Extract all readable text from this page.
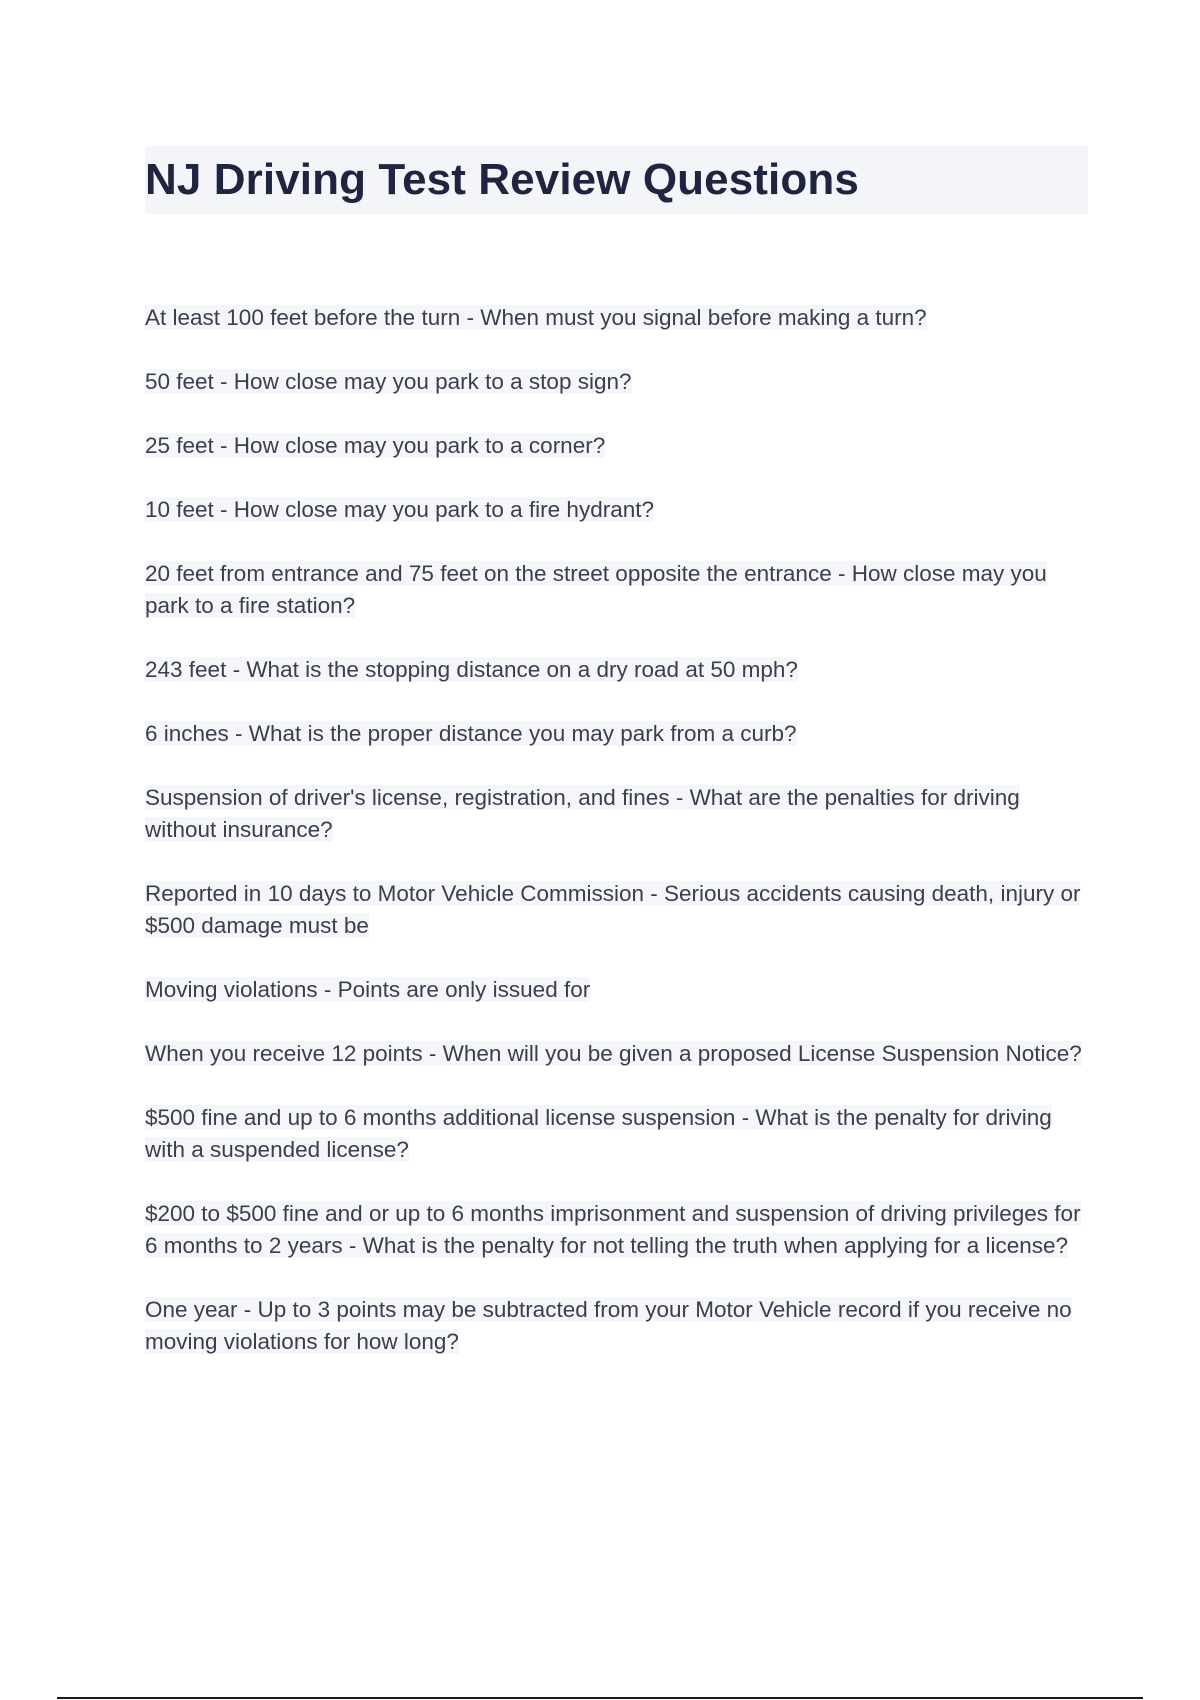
NJ Driving Test Review Questions
At least 100 feet before the turn - When must you signal before making a turn?
50 feet - How close may you park to a stop sign?
25 feet - How close may you park to a corner?
10 feet - How close may you park to a fire hydrant?
20 feet from entrance and 75 feet on the street opposite the entrance - How close may you park to a fire station?
243 feet - What is the stopping distance on a dry road at 50 mph?
6 inches - What is the proper distance you may park from a curb?
Suspension of driver's license, registration, and fines - What are the penalties for driving without insurance?
Reported in 10 days to Motor Vehicle Commission - Serious accidents causing death, injury or $500 damage must be
Moving violations - Points are only issued for
When you receive 12 points - When will you be given a proposed License Suspension Notice?
$500 fine and up to 6 months additional license suspension - What is the penalty for driving with a suspended license?
$200 to $500 fine and or up to 6 months imprisonment and suspension of driving privileges for 6 months to 2 years - What is the penalty for not telling the truth when applying for a license?
One year - Up to 3 points may be subtracted from your Motor Vehicle record if you receive no moving violations for how long?
